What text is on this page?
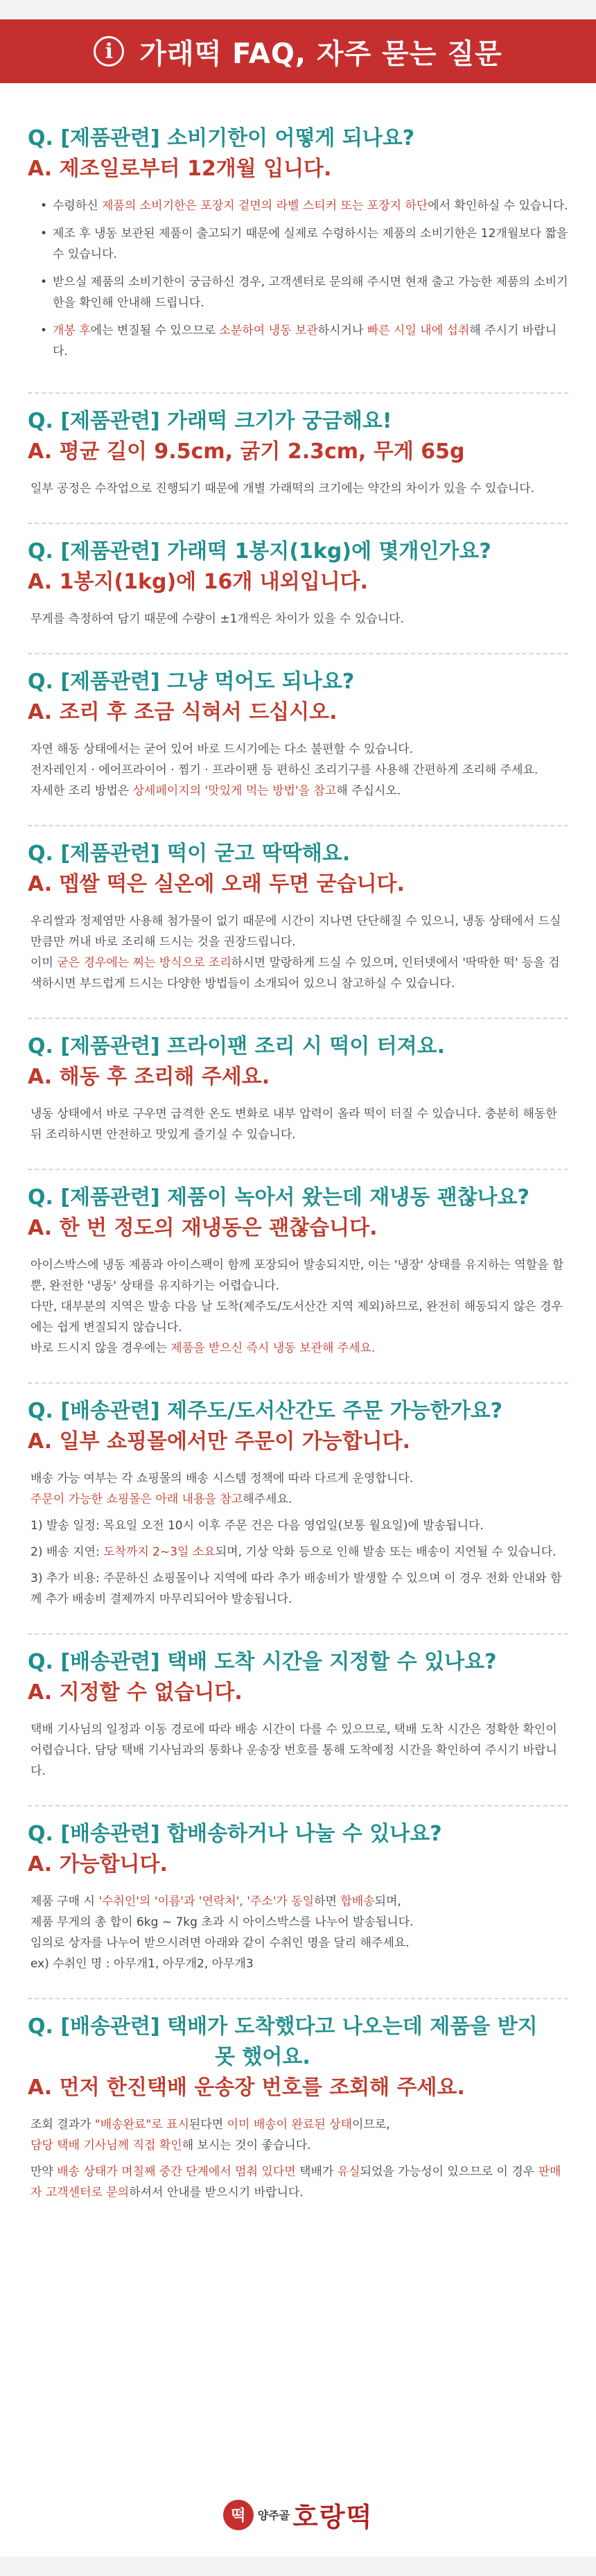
i 가래떡 FAQ, 자주 묻는 질문
Q. [제품관련] 소비기한이 어떻게 되나요?
A. 제조일로부터 12개월 입니다.
• 수령하신 제품의 소비기한은 포장지 겉면의 라벨 스티커 또는 포장지 하단에서 확인하실 수 있습니다.
• 제조 후 냉동 보관된 제품이 출고되기 때문에 실제로 수령하시는 제품의 소비기한은 12개월보다 짧을 수 있습니다.
• 받으실 제품의 소비기한이 궁금하신 경우, 고객센터로 문의해 주시면 현재 출고 가능한 제품의 소비기한을 확인해 안내해 드립니다.
• 개봉 후에는 변질될 수 있으므로 소분하여 냉동 보관하시거나 빠른 시일 내에 섭취해 주시기 바랍니다.
Q. [제품관련] 가래떡 크기가 궁금해요!
A. 평균 길이 9.5cm, 굵기 2.3cm, 무게 65g
일부 공정은 수작업으로 진행되기 때문에 개별 가래떡의 크기에는 약간의 차이가 있을 수 있습니다.
Q. [제품관련] 가래떡 1봉지(1kg)에 몇개인가요?
A. 1봉지(1kg)에 16개 내외입니다.
무게를 측정하여 담기 때문에 수량이 ±1개씩은 차이가 있을 수 있습니다.
Q. [제품관련] 그냥 먹어도 되나요?
A. 조리 후 조금 식혀서 드십시오.
자연 해동 상태에서는 굳어 있어 바로 드시기에는 다소 불편할 수 있습니다.
전자레인지 · 에어프라이어 · 찜기 · 프라이팬 등 편하신 조리기구를 사용해 간편하게 조리해 주세요.
자세한 조리 방법은 상세페이지의 '맛있게 먹는 방법'을 참고해 주십시오.
Q. [제품관련] 떡이 굳고 딱딱해요.
A. 멥쌀 떡은 실온에 오래 두면 굳습니다.
우리쌀과 정제염만 사용해 첨가물이 없기 때문에 시간이 지나면 단단해질 수 있으니, 냉동 상태에서 드실 만큼만 꺼내 바로 조리해 드시는 것을 권장드립니다.
이미 굳은 경우에는 찌는 방식으로 조리하시면 말랑하게 드실 수 있으며, 인터넷에서 '딱딱한 떡' 등을 검색하시면 부드럽게 드시는 다양한 방법들이 소개되어 있으니 참고하실 수 있습니다.
Q. [제품관련] 프라이팬 조리 시 떡이 터져요.
A. 해동 후 조리해 주세요.
냉동 상태에서 바로 구우면 급격한 온도 변화로 내부 압력이 올라 떡이 터질 수 있습니다. 충분히 해동한 뒤 조리하시면 안전하고 맛있게 즐기실 수 있습니다.
Q. [제품관련] 제품이 녹아서 왔는데 재냉동 괜찮나요?
A. 한 번 정도의 재냉동은 괜찮습니다.
아이스박스에 냉동 제품과 아이스팩이 함께 포장되어 발송되지만, 이는 '냉장' 상태를 유지하는 역할을 할 뿐, 완전한 '냉동' 상태를 유지하기는 어렵습니다.
다만, 대부분의 지역은 발송 다음 날 도착(제주도/도서산간 지역 제외)하므로, 완전히 해동되지 않은 경우에는 쉽게 변질되지 않습니다.
바로 드시지 않을 경우에는 제품을 받으신 즉시 냉동 보관해 주세요.
Q. [배송관련] 제주도/도서산간도 주문 가능한가요?
A. 일부 쇼핑몰에서만 주문이 가능합니다.
배송 가능 여부는 각 쇼핑몰의 배송 시스템 정책에 따라 다르게 운영합니다.
주문이 가능한 쇼핑몰은 아래 내용을 참고해주세요.
1) 발송 일정: 목요일 오전 10시 이후 주문 건은 다음 영업일(보통 월요일)에 발송됩니다.
2) 배송 지연: 도착까지 2~3일 소요되며, 기상 악화 등으로 인해 발송 또는 배송이 지연될 수 있습니다.
3) 추가 비용: 주문하신 쇼핑몰이나 지역에 따라 추가 배송비가 발생할 수 있으며 이 경우 전화 안내와 함께 추가 배송비 결제까지 마무리되어야 발송됩니다.
Q. [배송관련] 택배 도착 시간을 지정할 수 있나요?
A. 지정할 수 없습니다.
택배 기사님의 일정과 이동 경로에 따라 배송 시간이 다를 수 있으므로, 택배 도착 시간은 정확한 확인이 어렵습니다. 담당 택배 기사님과의 통화나 운송장 번호를 통해 도착예정 시간을 확인하여 주시기 바랍니다.
Q. [배송관련] 합배송하거나 나눌 수 있나요?
A. 가능합니다.
제품 구매 시 '수취인'의 '이름'과 '연락처', '주소'가 동일하면 합배송되며,
제품 무게의 총 합이 6kg ~ 7kg 초과 시 아이스박스를 나누어 발송됩니다.
임의로 상자를 나누어 받으시려면 아래와 같이 수취인 명을 달리 해주세요.
ex) 수취인 명 : 아무개1, 아무개2, 아무개3
Q. [배송관련] 택배가 도착했다고 나오는데 제품을 받지
못 했어요.
A. 먼저 한진택배 운송장 번호를 조회해 주세요.
조회 결과가 "배송완료"로 표시된다면 이미 배송이 완료된 상태이므로,
담당 택배 기사님께 직접 확인해 보시는 것이 좋습니다.
만약 배송 상태가 며칠째 중간 단계에서 멈춰 있다면 택배가 유실되었을 가능성이 있으므로 이 경우 판매자 고객센터로 문의하셔서 안내를 받으시기 바랍니다.
떡 양주골 호랑떡
